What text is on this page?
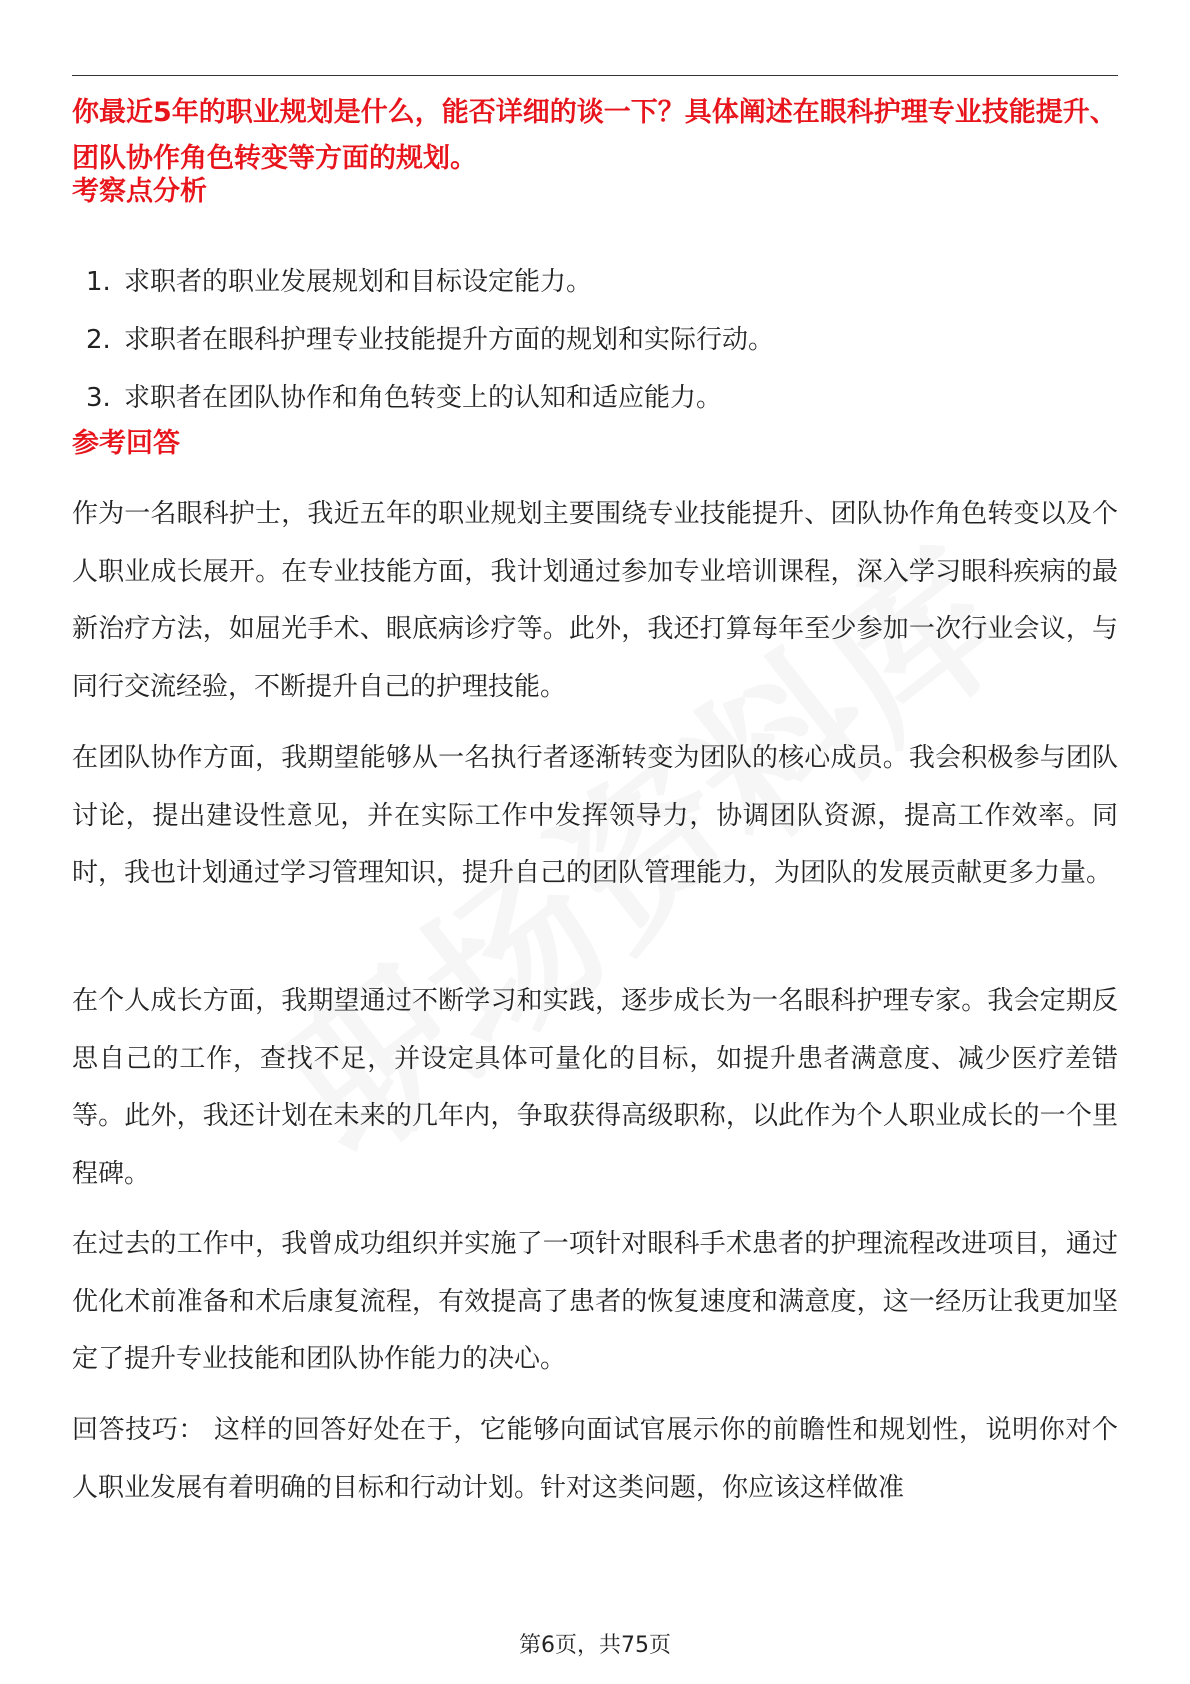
你最近5年的职业规划是什么，能否详细的谈一下？具体阐述在眼科护理专业技能提升、团队协作角色转变等方面的规划。

考察点分析

1. 求职者的职业发展规划和目标设定能力。
2. 求职者在眼科护理专业技能提升方面的规划和实际行动。
3. 求职者在团队协作和角色转变上的认知和适应能力。

参考回答

作为一名眼科护士，我近五年的职业规划主要围绕专业技能提升、团队协作角色转变以及个人职业成长展开。在专业技能方面，我计划通过参加专业培训课程，深入学习眼科疾病的最新治疗方法，如屈光手术、眼底病诊疗等。此外，我还打算每年至少参加一次行业会议，与同行交流经验，不断提升自己的护理技能。

在团队协作方面，我期望能够从一名执行者逐渐转变为团队的核心成员。我会积极参与团队讨论，提出建设性意见，并在实际工作中发挥领导力，协调团队资源，提高工作效率。同时，我也计划通过学习管理知识，提升自己的团队管理能力，为团队的发展贡献更多力量。

在个人成长方面，我期望通过不断学习和实践，逐步成长为一名眼科护理专家。我会定期反思自己的工作，查找不足，并设定具体可量化的目标，如提升患者满意度、减少医疗差错等。此外，我还计划在未来的几年内，争取获得高级职称，以此作为个人职业成长的一个里程碑。

在过去的工作中，我曾成功组织并实施了一项针对眼科手术患者的护理流程改进项目，通过优化术前准备和术后康复流程，有效提高了患者的恢复速度和满意度，这一经历让我更加坚定了提升专业技能和团队协作能力的决心。

回答技巧： 这样的回答好处在于，它能够向面试官展示你的前瞻性和规划性，说明你对个人职业发展有着明确的目标和行动计划。针对这类问题，你应该这样做准

第6页，共75页
